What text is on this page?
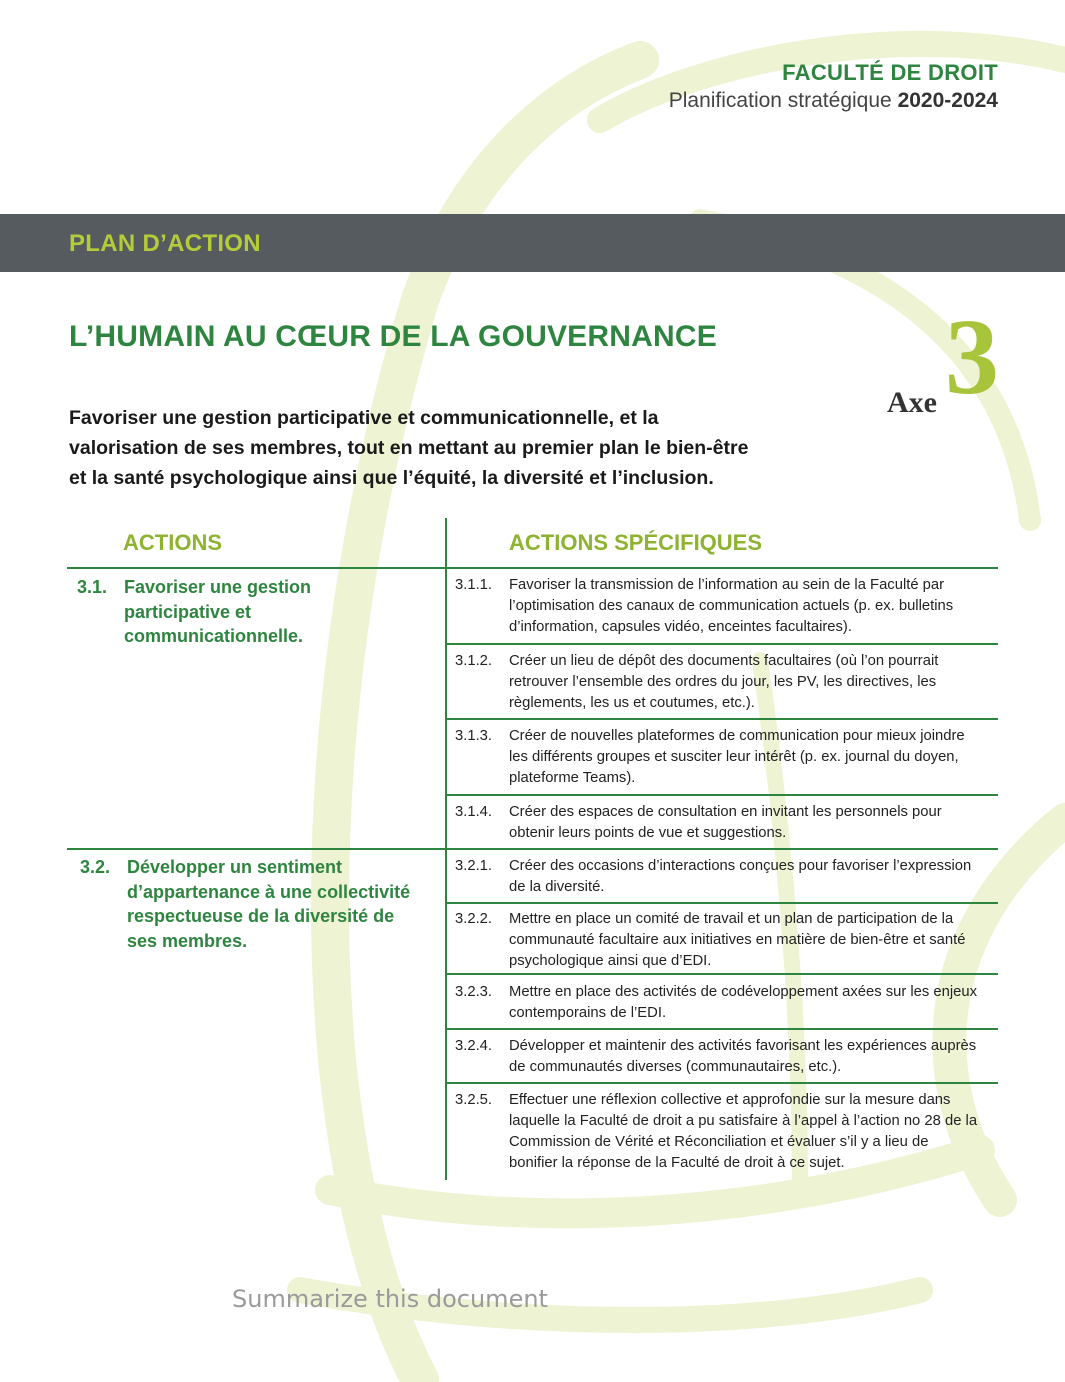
FACULTÉ DE DROIT
Planification stratégique 2020-2024
PLAN D’ACTION
L’HUMAIN AU CŒUR DE LA GOUVERNANCE
Axe 3
Favoriser une gestion participative et communicationnelle, et la valorisation de ses membres, tout en mettant au premier plan le bien-être et la santé psychologique ainsi que l’équité, la diversité et l’inclusion.
ACTIONS	ACTIONS SPÉCIFIQUES
3.1. Favoriser une gestion participative et communicationnelle.
3.2. Développer un sentiment d’appartenance à une collectivité respectueuse de la diversité de ses membres.
3.1.1. Favoriser la transmission de l’information au sein de la Faculté par l’optimisation des canaux de communication actuels (p. ex. bulletins d’information, capsules vidéo, enceintes facultaires).
3.1.2. Créer un lieu de dépôt des documents facultaires (où l’on pourrait retrouver l’ensemble des ordres du jour, les PV, les directives, les règlements, les us et coutumes, etc.).
3.1.3. Créer de nouvelles plateformes de communication pour mieux joindre les différents groupes et susciter leur intérêt (p. ex. journal du doyen, plateforme Teams).
3.1.4. Créer des espaces de consultation en invitant les personnels pour obtenir leurs points de vue et suggestions.
3.2.1. Créer des occasions d’interactions conçues pour favoriser l’expression de la diversité.
3.2.2. Mettre en place un comité de travail et un plan de participation de la communauté facultaire aux initiatives en matière de bien-être et santé psychologique ainsi que d’EDI.
3.2.3. Mettre en place des activités de codéveloppement axées sur les enjeux contemporains de l’EDI.
3.2.4. Développer et maintenir des activités favorisant les expériences auprès de communautés diverses (communautaires, etc.).
3.2.5. Effectuer une réflexion collective et approfondie sur la mesure dans laquelle la Faculté de droit a pu satisfaire à l’appel à l’action no 28 de la Commission de Vérité et Réconciliation et évaluer s’il y a lieu de bonifier la réponse de la Faculté de droit à ce sujet.
Summarize this document
